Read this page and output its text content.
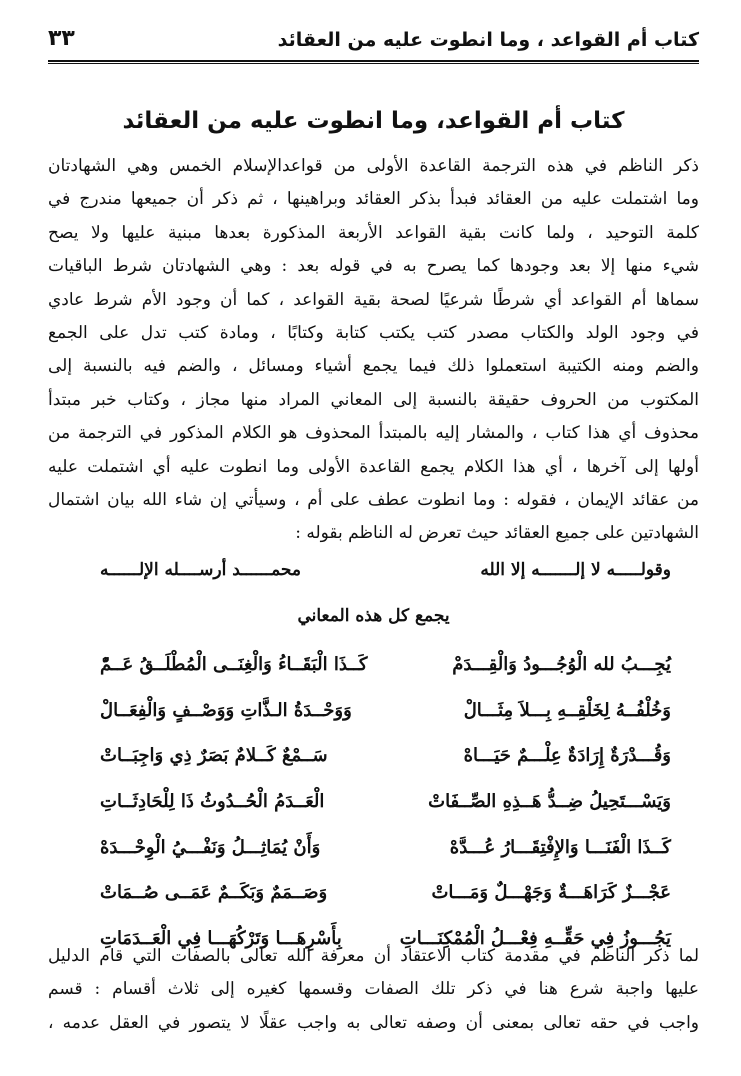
كتاب أم القواعد ، وما انطوت عليه من العقائد
٣٣
كتاب أم القواعد، وما انطوت عليه من العقائد
ذكر الناظم في هذه الترجمة القاعدة الأولى من قواعدالإسلام الخمس وهي الشهادتان
وما اشتملت عليه من العقائد فبدأ بذكر العقائد وبراهينها ، ثم ذكر أن جميعها مندرج في
كلمة التوحيد ، ولما كانت بقية القواعد الأربعة المذكورة بعدها مبنية عليها ولا يصح
شيء منها إلا بعد وجودها كما يصرح به في قوله بعد : وهي الشهادتان شرط الباقيات
سماها أم القواعد أي شرطًا شرعيًا لصحة بقية القواعد ، كما أن وجود الأم شرط عادي
في وجود الولد والكتاب مصدر كتب يكتب كتابة وكتابًا ، ومادة كتب تدل على الجمع
والضم ومنه الكتيبة استعملوا ذلك فيما يجمع أشياء ومسائل ، والضم فيه بالنسبة إلى
المكتوب من الحروف حقيقة بالنسبة إلى المعاني المراد منها مجاز ، وكتاب خبر مبتدأ
محذوف أي هذا كتاب ، والمشار إليه بالمبتدأ المحذوف هو الكلام المذكور في الترجمة من
أولها إلى آخرها ، أي هذا الكلام يجمع القاعدة الأولى وما انطوت عليه أي اشتملت عليه
من عقائد الإيمان ، فقوله : وما انطوت عطف على أم ، وسيأتي إن شاء الله بيان اشتمال
الشهادتين على جميع العقائد حيث تعرض له الناظم بقوله :
وقولـــــه لا إلـــــــه إلا الله
محمــــــد أرســــله الإلــــــه
يجمع كل هذه المعاني
يُجِـــبُ لله الْوُجُـــودُ وَالْقِـــدَمْ
كَــذَا الْبَقَــاءُ وَالْغِنَــى الْمُطْلَــقُ عَــمّْ
وَخُلْفُــهُ لِخَلْقِــهِ بِـــلاَ مِثَـــالْ
وَوَحْــدَةُ الـذَّاتِ وَوَصْــفٍ وَالْفِعَــالْ
وَقُـــدْرَةٌ إِرَادَةٌ عِلْـــمٌ حَيَـــاهْ
سَــمْعٌ كَــلامٌ بَصَرٌ ذِي وَاجِبَــاتْ
وَيَسْـــتَحِيلُ ضِــدُّ هَــذِهِ الصِّــفَاتْ
الْعَــدَمُ الْحُــدُوثُ ذَا لِلْحَادِثَــاتِ
كَــذَا الْفَنَـــا وَالإِفْتِقَـــارُ عُـــدَّهْ
وَأَنْ يُمَاثِـــلُ وَنَفْـــيُ الْوِحْـــدَهْ
عَجْـــزٌ كَرَاهَـــةٌ وَجَهْـــلٌ وَمَـــاتْ
وَصَــمَمٌ وَبَكَــمٌ عَمَــى صُــمَاتْ
يَجُـــوزُ فِي حَقِّــهِ فِعْـــلُ الْمُمْكِنَـــاتِ
بِأَسْرِهَـــا وَتَرْكُهَـــا فِي الْعَــدَمَاتِ
لما ذكر الناظم في مقدمة كتاب الاعتقاد أن معرفة الله تعالى بالصفات التي قام الدليل
عليها واجبة شرع هنا في ذكر تلك الصفات وقسمها كغيره إلى ثلاث أقسام : قسم
واجب في حقه تعالى بمعنى أن وصفه تعالى به واجب عقلًا لا يتصور في العقل عدمه ،
